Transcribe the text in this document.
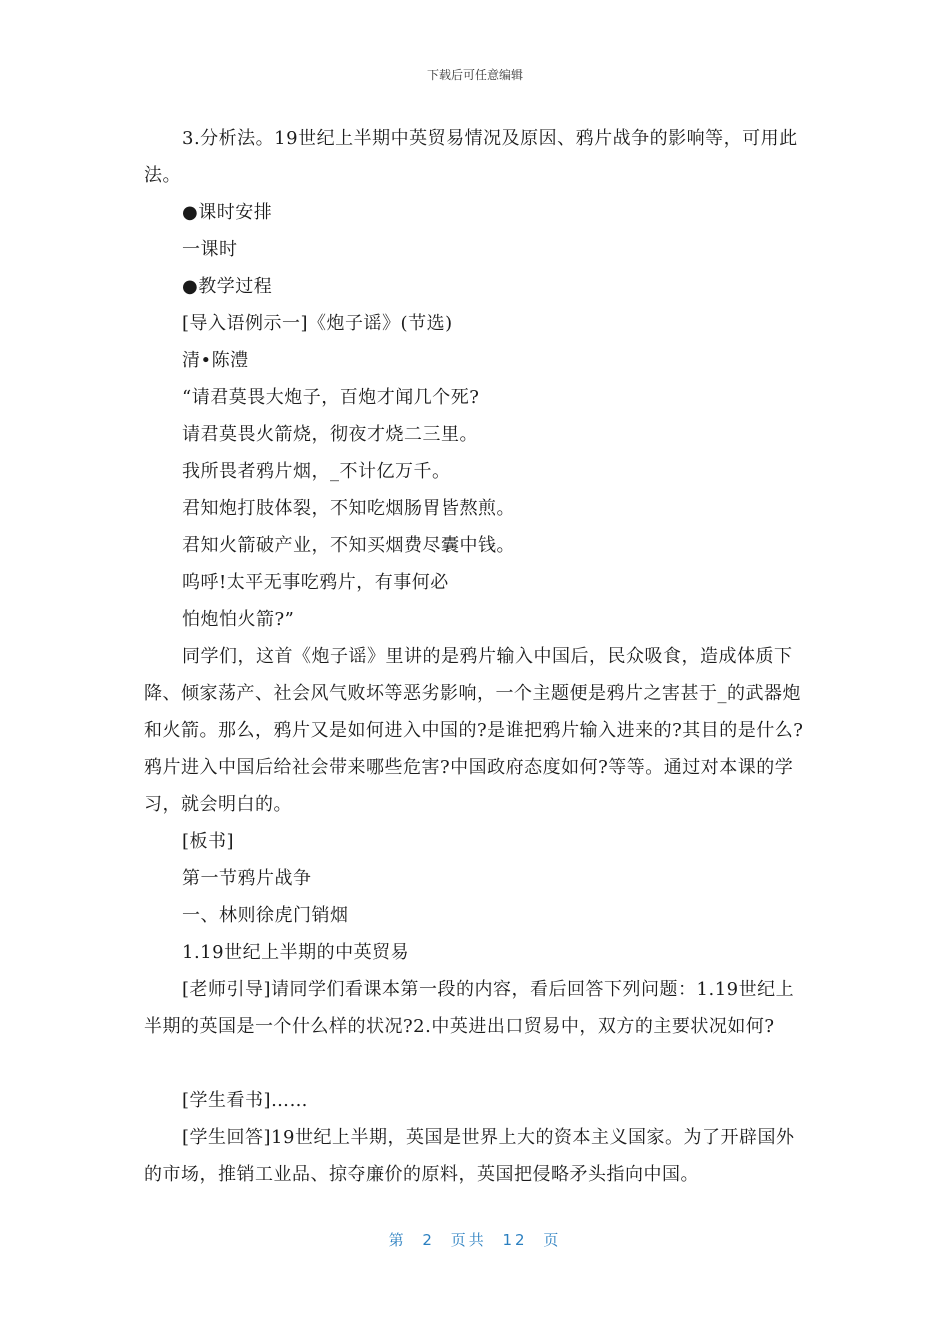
下载后可任意编辑

3.分析法。19世纪上半期中英贸易情况及原因、鸦片战争的影响等，可用此法。

●课时安排

一课时

●教学过程

[导入语例示一]《炮子谣》(节选)

清•陈澧

“请君莫畏大炮子，百炮才闻几个死?

请君莫畏火箭烧，彻夜才烧二三里。

我所畏者鸦片烟，_不计亿万千。

君知炮打肢体裂，不知吃烟肠胃皆熬煎。

君知火箭破产业，不知买烟费尽囊中钱。

呜呼!太平无事吃鸦片，有事何必

怕炮怕火箭?”

同学们，这首《炮子谣》里讲的是鸦片输入中国后，民众吸食，造成体质下降、倾家荡产、社会风气败坏等恶劣影响，一个主题便是鸦片之害甚于_的武器炮和火箭。那么，鸦片又是如何进入中国的?是谁把鸦片输入进来的?其目的是什么?鸦片进入中国后给社会带来哪些危害?中国政府态度如何?等等。通过对本课的学习，就会明白的。

[板书]

第一节鸦片战争

一、林则徐虎门销烟

1.19世纪上半期的中英贸易

[老师引导]请同学们看课本第一段的内容，看后回答下列问题：1.19世纪上半期的英国是一个什么样的状况?2.中英进出口贸易中，双方的主要状况如何?

[学生看书]……

[学生回答]19世纪上半期，英国是世界上大的资本主义国家。为了开辟国外的市场，推销工业品、掠夺廉价的原料，英国把侵略矛头指向中国。

第 2 页共 12 页
